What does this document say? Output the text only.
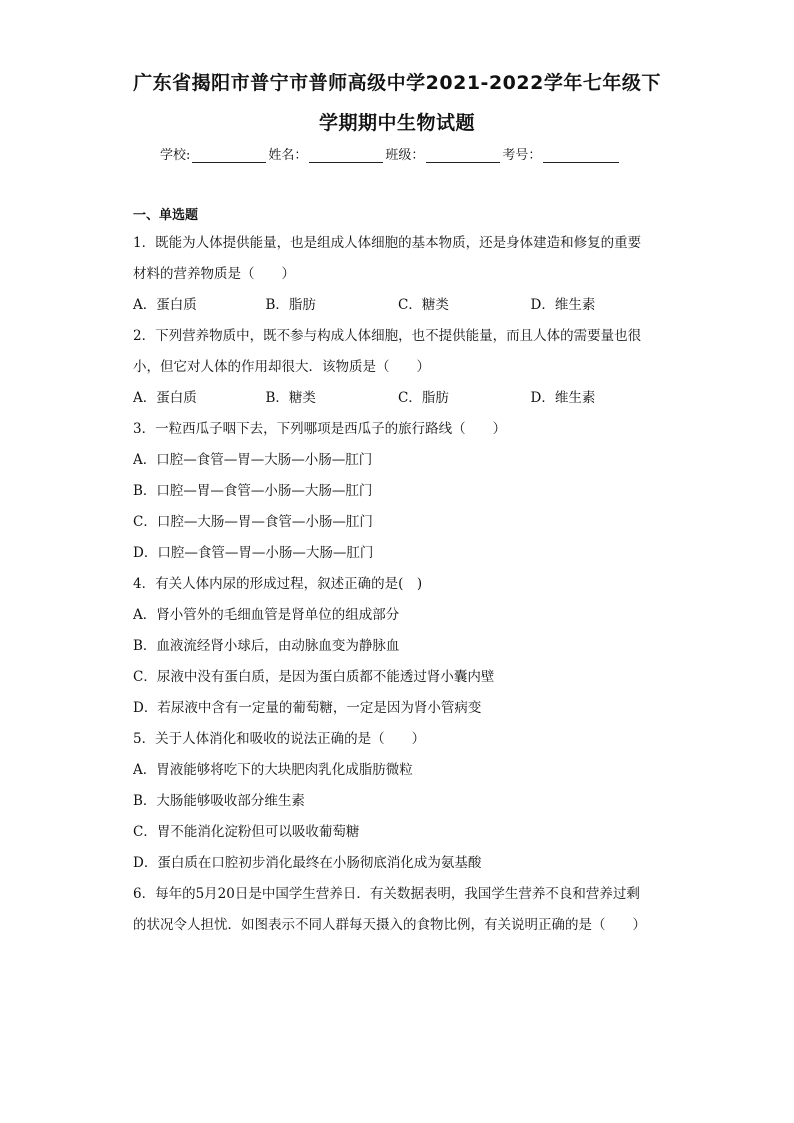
广东省揭阳市普宁市普师高级中学2021-2022学年七年级下
学期期中生物试题
学校:	姓名：	班级：	考号：
一、单选题
1．既能为人体提供能量，也是组成人体细胞的基本物质，还是身体建造和修复的重要
材料的营养物质是（　　）
A．蛋白质	B．脂肪	C．糖类	D．维生素
2．下列营养物质中，既不参与构成人体细胞，也不提供能量，而且人体的需要量也很
小，但它对人体的作用却很大．该物质是（　　）
A．蛋白质	B．糖类	C．脂肪	D．维生素
3．一粒西瓜子咽下去，下列哪项是西瓜子的旅行路线（　　）
A．口腔—食管—胃—大肠—小肠—肛门
B．口腔—胃—食管—小肠—大肠—肛门
C．口腔—大肠—胃—食管—小肠—肛门
D．口腔—食管—胃—小肠—大肠—肛门
4．有关人体内尿的形成过程，叙述正确的是(　)
A．肾小管外的毛细血管是肾单位的组成部分
B．血液流经肾小球后，由动脉血变为静脉血
C．尿液中没有蛋白质，是因为蛋白质都不能透过肾小囊内壁
D．若尿液中含有一定量的葡萄糖，一定是因为肾小管病变
5．关于人体消化和吸收的说法正确的是（　　）
A．胃液能够将吃下的大块肥肉乳化成脂肪微粒
B．大肠能够吸收部分维生素
C．胃不能消化淀粉但可以吸收葡萄糖
D．蛋白质在口腔初步消化最终在小肠彻底消化成为氨基酸
6．每年的5月20日是中国学生营养日．有关数据表明，我国学生营养不良和营养过剩
的状况令人担忧．如图表示不同人群每天摄入的食物比例，有关说明正确的是（　　）
